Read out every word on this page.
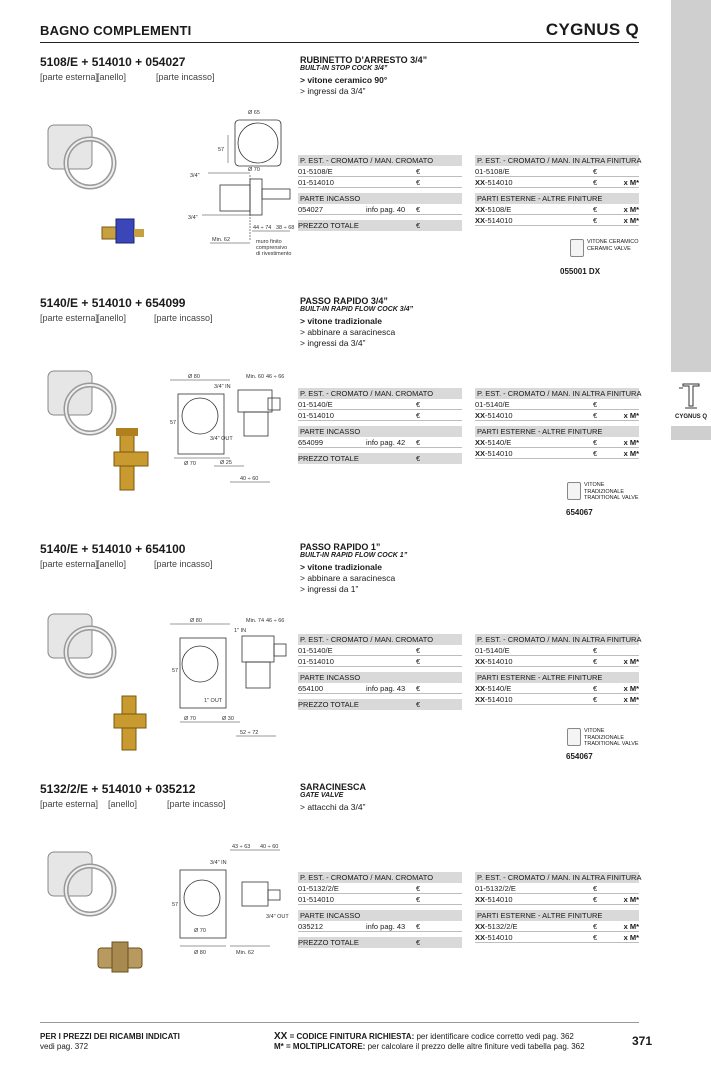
BAGNO COMPLEMENTI	CYGNUS Q
CYGNUS Q
5108/E + 514010 + 054027
[parte esterna]
[anello]	[parte incasso]
Ø 65
57
Ø 70
3/4"
3/4"
44 ÷ 74 38 ÷ 68
Min. 62	muro finito
comprensivo
di rivestimento
RUBINETTO D’ARRESTO 3/4”
BUILT-IN STOP COCK 3/4”
> vitone ceramico 90°
> ingressi da 3/4”
P. EST. - CROMATO / MAN. CROMATO
01-5108/E	€
01-514010	€
PARTE INCASSO
054027	info pag. 40 €
PREZZO TOTALE	€
P. EST. - CROMATO / MAN. IN ALTRA FINITURA
01-5108/E	€
XX-514010	€	x M*
PARTI ESTERNE - ALTRE FINITURE
XX-5108/E	€	x M*
XX-514010	€	x M*
VITONE CERAMICO
CERAMIC VALVE
055001 DX
5140/E + 514010 + 654099
[parte esterna]
[anello]	[parte incasso]
Ø 80	Min. 60 46 ÷ 66
3/4" IN
57
3/4" OUT
Ø 25
Ø 70
40 ÷ 60
PASSO RAPIDO 3/4”
BUILT-IN RAPID FLOW COCK 3/4”
> vitone tradizionale
> abbinare a saracinesca
> ingressi da 3/4”
P. EST. - CROMATO / MAN. CROMATO
01-5140/E	€
01-514010	€
PARTE INCASSO
654099	info pag. 42 €
PREZZO TOTALE	€
P. EST. - CROMATO / MAN. IN ALTRA FINITURA
01-5140/E	€
XX-514010	€	x M*
PARTI ESTERNE - ALTRE FINITURE
XX-5140/E	€	x M*
XX-514010	€	x M*
VITONE
TRADIZIONALE
TRADITIONAL VALVE
654067
5140/E + 514010 + 654100
[parte esterna]
[anello]	[parte incasso]
Ø 80	Min. 74 46 ÷ 66
1" IN
57
1" OUT
Ø 30
Ø 70
52 ÷ 72
PASSO RAPIDO 1”
BUILT-IN RAPID FLOW COCK 1”
> vitone tradizionale
> abbinare a saracinesca
> ingressi da 1”
P. EST. - CROMATO / MAN. CROMATO
01-5140/E	€
01-514010	€
PARTE INCASSO
654100	info pag. 43 €
PREZZO TOTALE	€
P. EST. - CROMATO / MAN. IN ALTRA FINITURA
01-5140/E	€
XX-514010	€	x M*
PARTI ESTERNE - ALTRE FINITURE
XX-5140/E	€	x M*
XX-514010	€	x M*
VITONE
TRADIZIONALE
TRADITIONAL VALVE
654067
5132/2/E + 514010 + 035212
[parte esterna] [anello]	[parte incasso]
43 ÷ 63 40 ÷ 60
3/4" IN
57
3/4" OUT
Ø 70
Ø 80	Min. 62
SARACINESCA
GATE VALVE
> attacchi da 3/4”
P. EST. - CROMATO / MAN. CROMATO
01-5132/2/E	€
01-514010	€
PARTE INCASSO
035212	info pag. 43 €
PREZZO TOTALE	€
P. EST. - CROMATO / MAN. IN ALTRA FINITURA
01-5132/2/E	€
XX-514010	€	x M*
PARTI ESTERNE - ALTRE FINITURE
XX-5132/2/E	€	x M*
XX-514010	€	x M*
PER I PREZZI DEI RICAMBI INDICATI
vedi pag. 372
XX = CODICE FINITURA RICHIESTA: per identificare codice corretto vedi pag. 362
M* = MOLTIPLICATORE: per calcolare il prezzo delle altre finiture vedi tabella pag. 362	371
